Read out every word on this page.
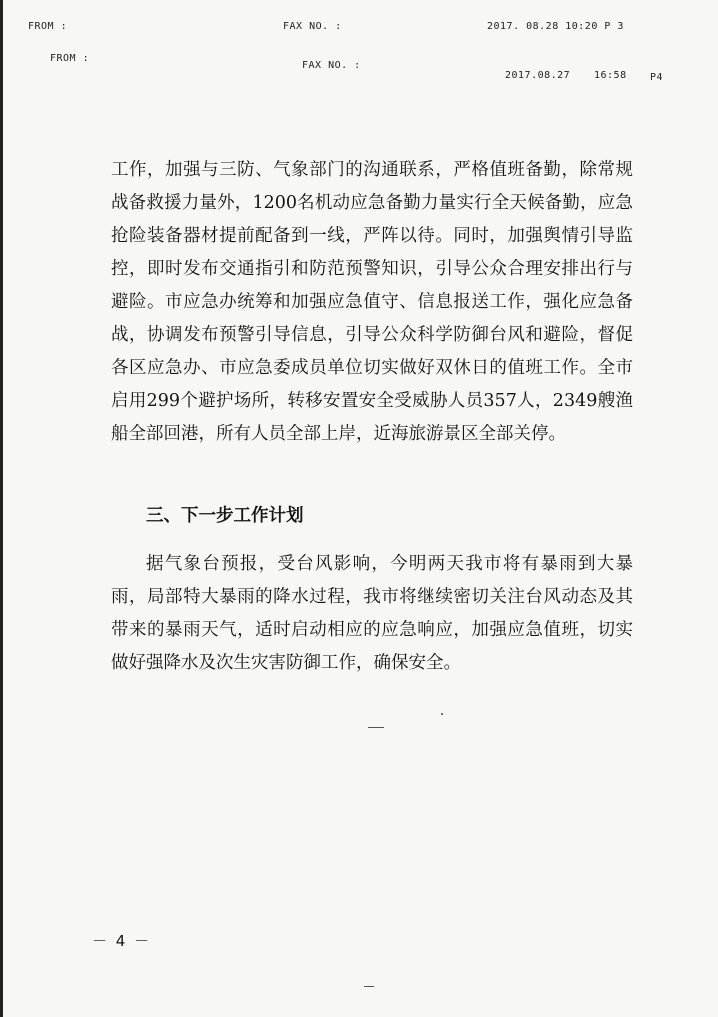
FROM :	FAX NO. :	2017. 08.28 10:20 P 3
FROM :
FAX NO. :
2017.08.27 16:58 P4

工作，加强与三防、气象部门的沟通联系，严格值班备勤，除常规战备救援力量外，1200名机动应急备勤力量实行全天候备勤，应急抢险装备器材提前配备到一线，严阵以待。同时，加强舆情引导监控，即时发布交通指引和防范预警知识，引导公众合理安排出行与避险。市应急办统筹和加强应急值守、信息报送工作，强化应急备战，协调发布预警引导信息，引导公众科学防御台风和避险，督促各区应急办、市应急委成员单位切实做好双休日的值班工作。全市启用299个避护场所，转移安置安全受威胁人员357人，2349艘渔船全部回港，所有人员全部上岸，近海旅游景区全部关停。

三、下一步工作计划

据气象台预报，受台风影响，今明两天我市将有暴雨到大暴雨，局部特大暴雨的降水过程，我市将继续密切关注台风动态及其带来的暴雨天气，适时启动相应的应急响应，加强应急值班，切实做好强降水及次生灾害防御工作，确保安全。

－ 4 －
